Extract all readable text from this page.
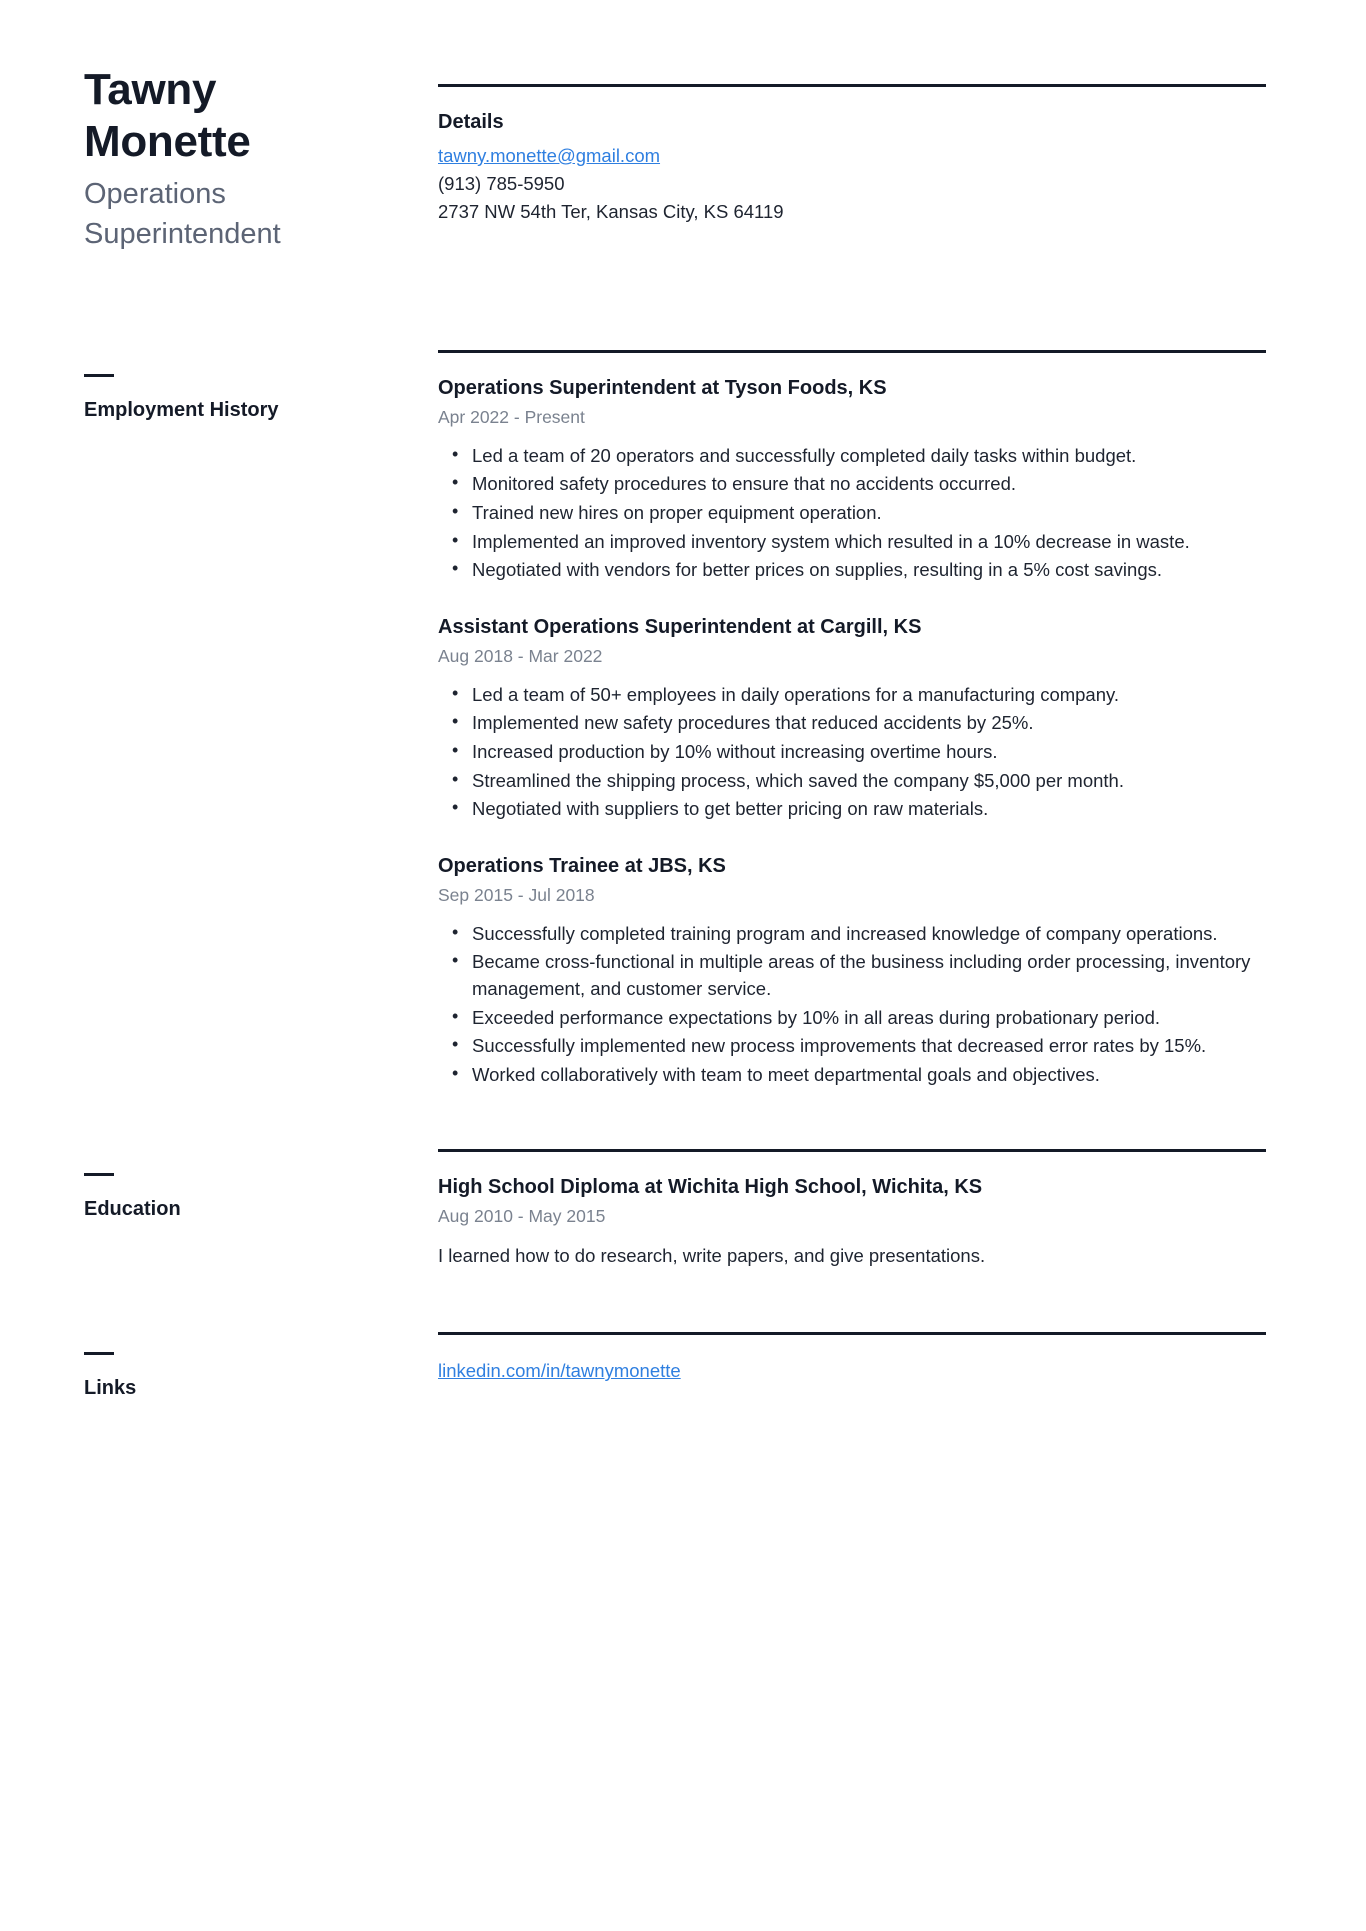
Tawny
Monette

Operations
Superintendent

Details
tawny.monette@gmail.com
(913) 785-5950
2737 NW 54th Ter, Kansas City, KS 64119
Employment History
Operations Superintendent at Tyson Foods, KS

Apr 2022 - Present

• Led a team of 20 operators and successfully completed daily tasks within budget.
• Monitored safety procedures to ensure that no accidents occurred.
• Trained new hires on proper equipment operation.
• Implemented an improved inventory system which resulted in a 10% decrease in waste.
• Negotiated with vendors for better prices on supplies, resulting in a 5% cost savings.
Assistant Operations Superintendent at Cargill, KS

Aug 2018 - Mar 2022

• Led a team of 50+ employees in daily operations for a manufacturing company.
• Implemented new safety procedures that reduced accidents by 25%.
• Increased production by 10% without increasing overtime hours.
• Streamlined the shipping process, which saved the company $5,000 per month.
• Negotiated with suppliers to get better pricing on raw materials.
Operations Trainee at JBS, KS

Sep 2015 - Jul 2018

• Successfully completed training program and increased knowledge of company operations.
• Became cross-functional in multiple areas of the business including order processing, inventory management, and customer service.
• Exceeded performance expectations by 10% in all areas during probationary period.
• Successfully implemented new process improvements that decreased error rates by 15%.
• Worked collaboratively with team to meet departmental goals and objectives.
Education
High School Diploma at Wichita High School, Wichita, KS

Aug 2010 - May 2015

I learned how to do research, write papers, and give presentations.

Links
linkedin.com/in/tawnymonette
